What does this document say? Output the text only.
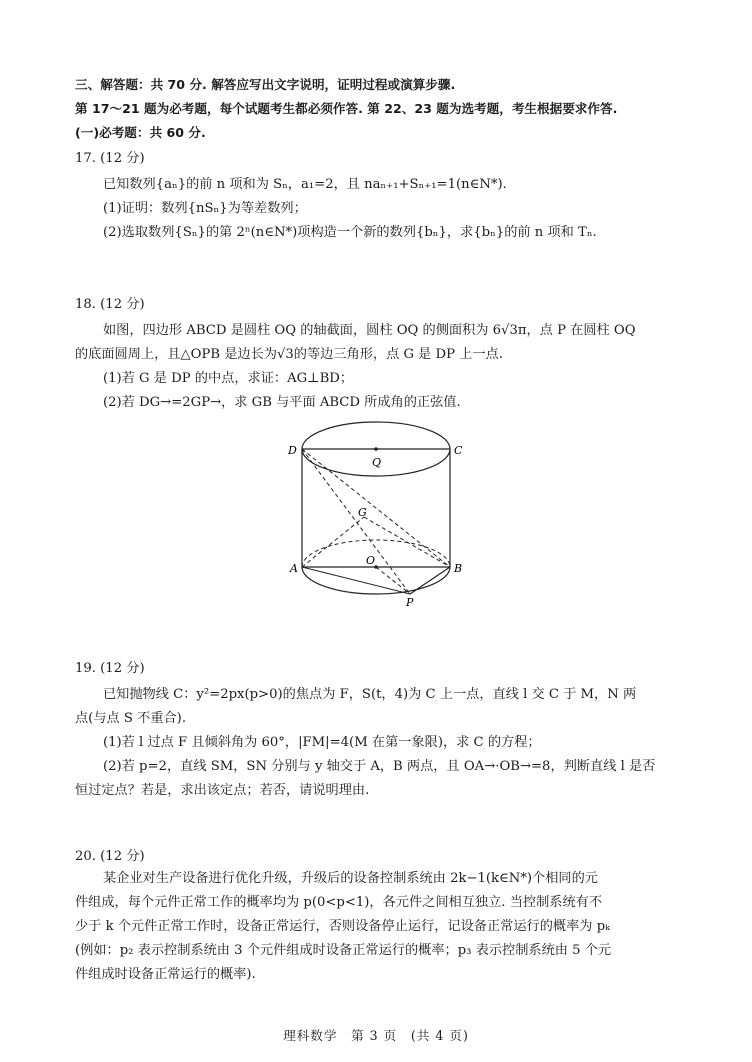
三、解答题：共 70 分. 解答应写出文字说明，证明过程或演算步骤.
第 17～21 题为必考题，每个试题考生都必须作答. 第 22、23 题为选考题，考生根据要求作答.
(一)必考题：共 60 分.
17. (12 分)
已知数列{aₙ}的前 n 项和为 Sₙ，a₁=2，且 naₙ₊₁+Sₙ₊₁=1(n∈N*).
(1)证明：数列{nSₙ}为等差数列；
(2)选取数列{Sₙ}的第 2ⁿ(n∈N*)项构造一个新的数列{bₙ}，求{bₙ}的前 n 项和 Tₙ.
18. (12 分)
如图，四边形 ABCD 是圆柱 OQ 的轴截面，圆柱 OQ 的侧面积为 6√3π，点 P 在圆柱 OQ
的底面圆周上，且△OPB 是边长为√3的等边三角形，点 G 是 DP 上一点.
(1)若 G 是 DP 的中点，求证：AG⊥BD；
(2)若 DG→=2GP→，求 GB 与平面 ABCD 所成角的正弦值.
D	C
Q
G
A
O
B
P
19. (12 分)
已知抛物线 C：y²=2px(p>0)的焦点为 F，S(t，4)为 C 上一点，直线 l 交 C 于 M，N 两
点(与点 S 不重合).
(1)若 l 过点 F 且倾斜角为 60°，|FM|=4(M 在第一象限)，求 C 的方程；
(2)若 p=2，直线 SM，SN 分别与 y 轴交于 A，B 两点，且 OA→·OB→=8，判断直线 l 是否
恒过定点？若是，求出该定点；若否，请说明理由.
20. (12 分)
某企业对生产设备进行优化升级，升级后的设备控制系统由 2k−1(k∈N*)个相同的元
件组成，每个元件正常工作的概率均为 p(0<p<1)，各元件之间相互独立. 当控制系统有不
少于 k 个元件正常工作时，设备正常运行，否则设备停止运行，记设备正常运行的概率为 pₖ
(例如：p₂ 表示控制系统由 3 个元件组成时设备正常运行的概率；p₃ 表示控制系统由 5 个元
件组成时设备正常运行的概率).
理科数学　第 3 页　(共 4 页)
